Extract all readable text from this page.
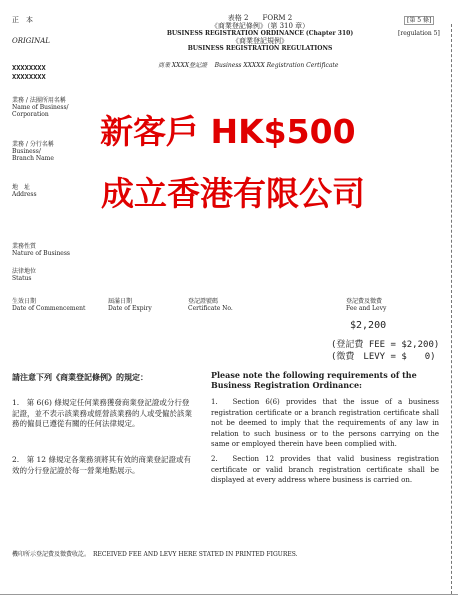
正　本
ORIGINAL
XXXXXXXX
XXXXXXXX
表格 2　　FORM 2
《商業登記條例》（第 310 章）
BUSINESS REGISTRATION ORDINANCE (Chapter 310)
《商業登記規例》
BUSINESS REGISTRATION REGULATIONS
商業 XXXX登記證 Business XXXXX Registration Certificate
[第 5 條]
[regulation 5]
業務 / 法團所用名稱
Name of Business/
Corporation
業務 / 分行名稱
Business/
Branch Name
地　址
Address
業務性質
Nature of Business
法律地位
Status
新客戶 HK$500
成立香港有限公司
生效日期
Date of Commencement
屆滿日期
Date of Expiry
登記證號碼
Certificate No.
登記費及徵費
Fee and Levy
$2,200
(登記費 FEE = $2,200)
(徵費　LEVY = $　　0)
請注意下列《商業登記條例》的規定：
1.　第 6(6) 條規定任何業務獲發商業登記證或分行登記證，並不表示該業務或經營該業務的人或受僱於該業務的僱員已遵從有關的任何法律規定。
2.　第 12 條規定各業務須將其有效的商業登記證或有效的分行登記證於每一營業地點展示。
Please note the following requirements of the Business Registration Ordinance:
1.　Section 6(6) provides that the issue of a business registration certificate or a branch registration certificate shall not be deemed to imply that the requirements of any law in relation to such business or to the persons carrying on the same or employed therein have been complied with.
2.　Section 12 provides that valid business registration certificate or valid branch registration certificate shall be displayed at every address where business is carried on.
機印所示登記費及徵費收訖。　RECEIVED FEE AND LEVY HERE STATED IN PRINTED FIGURES.
